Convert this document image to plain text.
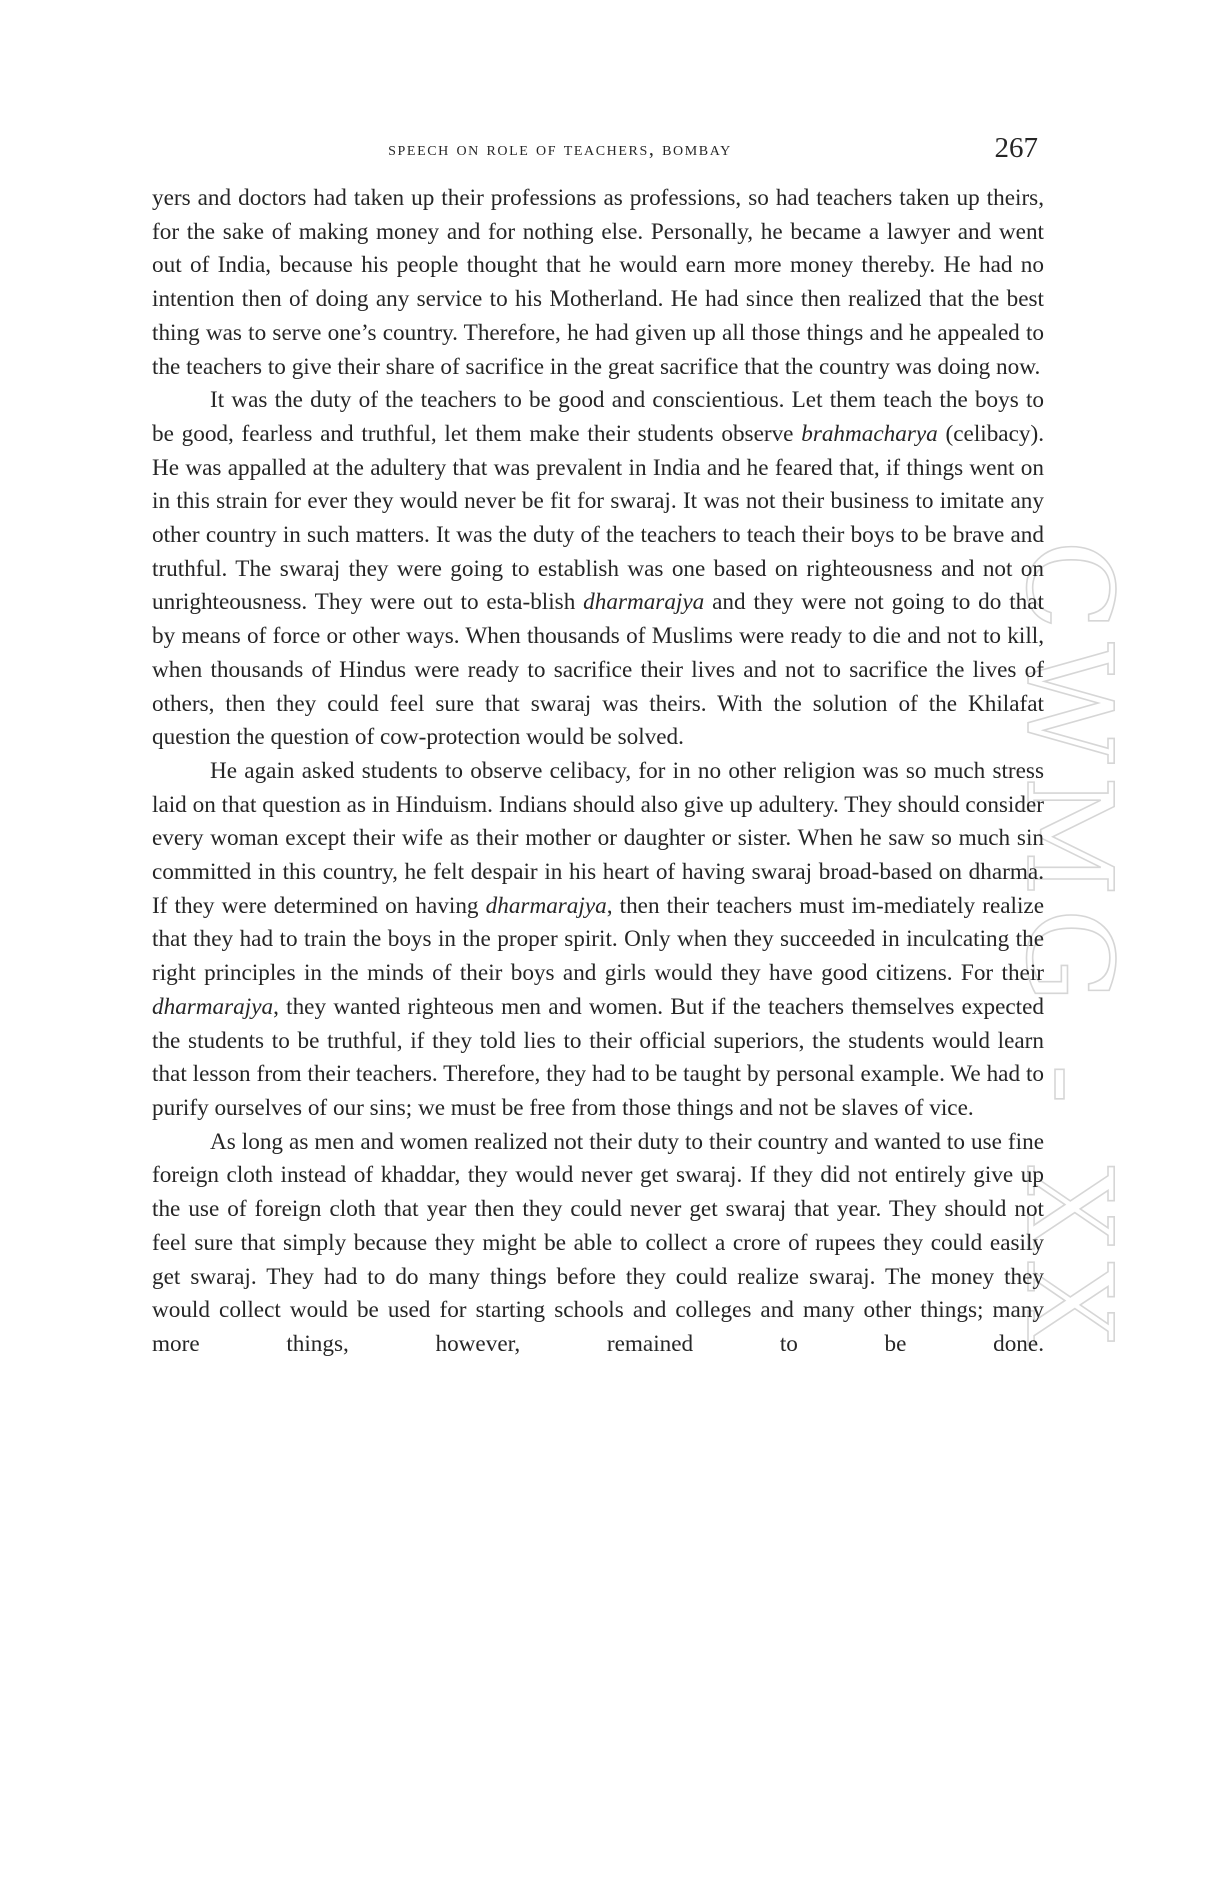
speech on role of teachers, bombay	267
CWMG - XX

yers and doctors had taken up their professions as professions, so had teachers taken up theirs, for the sake of making money and for nothing else. Personally, he became a lawyer and went out of India, because his people thought that he would earn more money thereby. He had no intention then of doing any service to his Motherland. He had since then realized that the best thing was to serve one’s country. Therefore, he had given up all those things and he appealed to the teachers to give their share of sacrifice in the great sacrifice that the country was doing now.

It was the duty of the teachers to be good and conscientious. Let them teach the boys to be good, fearless and truthful, let them make their students observe brahmacharya (celibacy). He was appalled at the adultery that was prevalent in India and he feared that, if things went on in this strain for ever they would never be fit for swaraj. It was not their business to imitate any other country in such matters. It was the duty of the teachers to teach their boys to be brave and truthful. The swaraj they were going to establish was one based on righteousness and not on unrighteousness. They were out to esta-blish dharmarajya and they were not going to do that by means of force or other ways. When thousands of Muslims were ready to die and not to kill, when thousands of Hindus were ready to sacrifice their lives and not to sacrifice the lives of others, then they could feel sure that swaraj was theirs. With the solution of the Khilafat question the question of cow-protection would be solved.

He again asked students to observe celibacy, for in no other religion was so much stress laid on that question as in Hinduism. Indians should also give up adultery. They should consider every woman except their wife as their mother or daughter or sister. When he saw so much sin committed in this country, he felt despair in his heart of having swaraj broad-based on dharma. If they were determined on having dharmarajya, then their teachers must im-mediately realize that they had to train the boys in the proper spirit. Only when they succeeded in inculcating the right principles in the minds of their boys and girls would they have good citizens. For their dharmarajya, they wanted righteous men and women. But if the teachers themselves expected the students to be truthful, if they told lies to their official superiors, the students would learn that lesson from their teachers. Therefore, they had to be taught by personal example. We had to purify ourselves of our sins; we must be free from those things and not be slaves of vice.

As long as men and women realized not their duty to their country and wanted to use fine foreign cloth instead of khaddar, they would never get swaraj. If they did not entirely give up the use of foreign cloth that year then they could never get swaraj that year. They should not feel sure that simply because they might be able to collect a crore of rupees they could easily get swaraj. They had to do many things before they could realize swaraj. The money they would collect would be used for starting schools and colleges and many other things; many more things, however, remained to be done.
